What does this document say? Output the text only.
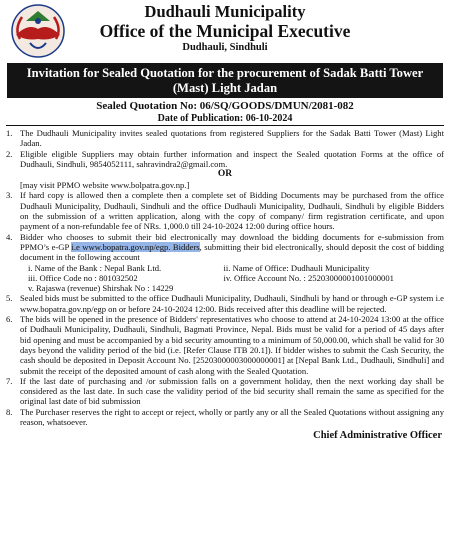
Dudhauli Municipality
Office of the Municipal Executive
Dudhauli, Sindhuli
Invitation for Sealed Quotation for the procurement of Sadak Batti Tower (Mast) Light Jadan
Sealed Quotation No: 06/SQ/GOODS/DMUN/2081-082
Date of Publication: 06-10-2024
1. The Dudhauli Municipality invites sealed quotations from registered Suppliers for the Sadak Batti Tower (Mast) Light Jadan.
2. Eligible eligible Suppliers may obtain further information and inspect the Sealed quotation Forms at the office of Dudhauli, Sindhuli, 9854052111, sahravindra2@gmail.com.
OR
[may visit PPMO website www.bolpatra.gov.np.]
3. If hard copy is allowed then a complete then a complete set of Bidding Documents may be purchased from the office Dudhauli Municipality, Dudhauli, Sindhuli and the office Dudhauli Municipality, Dudhauli, Sindhuli by eligible Bidders on the submission of a written application, along with the copy of company/ firm registration certificate, and upon payment of a non-refundable fee of NRs. 1,000.0 till 24-10-2024 12:00 during office hours.
4. Bidder who chooses to submit their bid electronically may download the bidding documents for e-submission from PPMO’s e-GP i.e www.bopatra.gov.np/egp. Bidders, submitting their bid electronically, should deposit the cost of bidding document in the following account
i. Name of the Bank : Nepal Bank Ltd.	ii. Name of Office: Dudhauli Municipality
iii. Office Code no : 801032502	iv. Office Account No. : 25203000001001000001
v. Rajaswa (revenue) Shirshak No : 14229
5. Sealed bids must be submitted to the office Dudhauli Municipality, Dudhauli, Sindhuli by hand or through e-GP system i.e www.bopatra.gov.np/egp on or before 24-10-2024 12:00. Bids received after this deadline will be rejected.
6. The bids will be opened in the presence of Bidders' representatives who choose to attend at 24-10-2024 13:00 at the office of Dudhauli Municipality, Dudhauli, Sindhuli, Bagmati Province, Nepal. Bids must be valid for a period of 45 days after bid opening and must be accompanied by a bid security amounting to a minimum of 50,000.00, which shall be valid for 30 days beyond the validity period of the bid (i.e. [Refer Clause ITB 20.1]). If bidder wishes to submit the Cash Security, the cash should be deposited in Deposit Account No. [25203000003000000001] at [Nepal Bank Ltd., Dudhauli, Sindhuli] and submit the receipt of the deposited amount of cash along with the Sealed Quotation.
7. If the last date of purchasing and /or submission falls on a government holiday, then the next working day shall be considered as the last date. In such case the validity period of the bid security shall remain the same as specified for the original last date of bid submission
8. The Purchaser reserves the right to accept or reject, wholly or partly any or all the Sealed Quotations without assigning any reason, whatsoever.
Chief Administrative Officer
